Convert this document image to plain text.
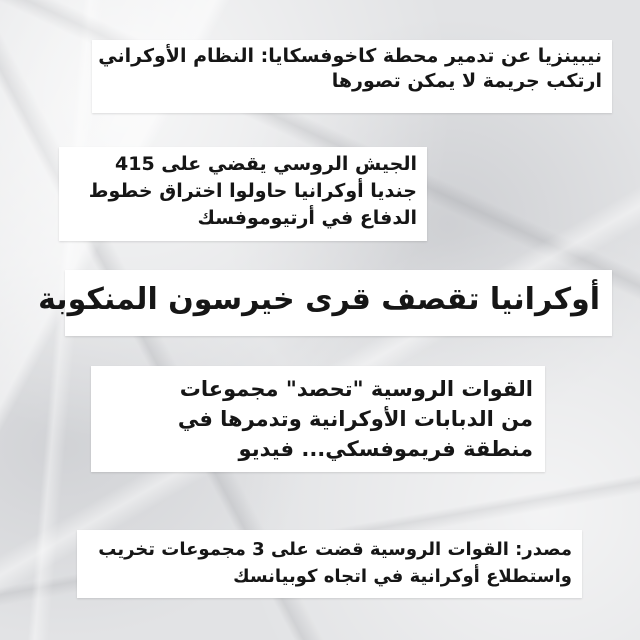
نيبينزيا عن تدمير محطة كاخوفسكايا: النظام الأوكراني
ارتكب جريمة لا يمكن تصورها
الجيش الروسي يقضي على 415
جنديا أوكرانيا حاولوا اختراق خطوط
الدفاع في أرتيوموفسك
أوكرانيا تقصف قرى خيرسون المنكوبة
القوات الروسية "تحصد" مجموعات
من الدبابات الأوكرانية وتدمرها في
منطقة فريموفسكي... فيديو
مصدر: القوات الروسية قضت على 3 مجموعات تخريب
واستطلاع أوكرانية في اتجاه كوبيانسك
